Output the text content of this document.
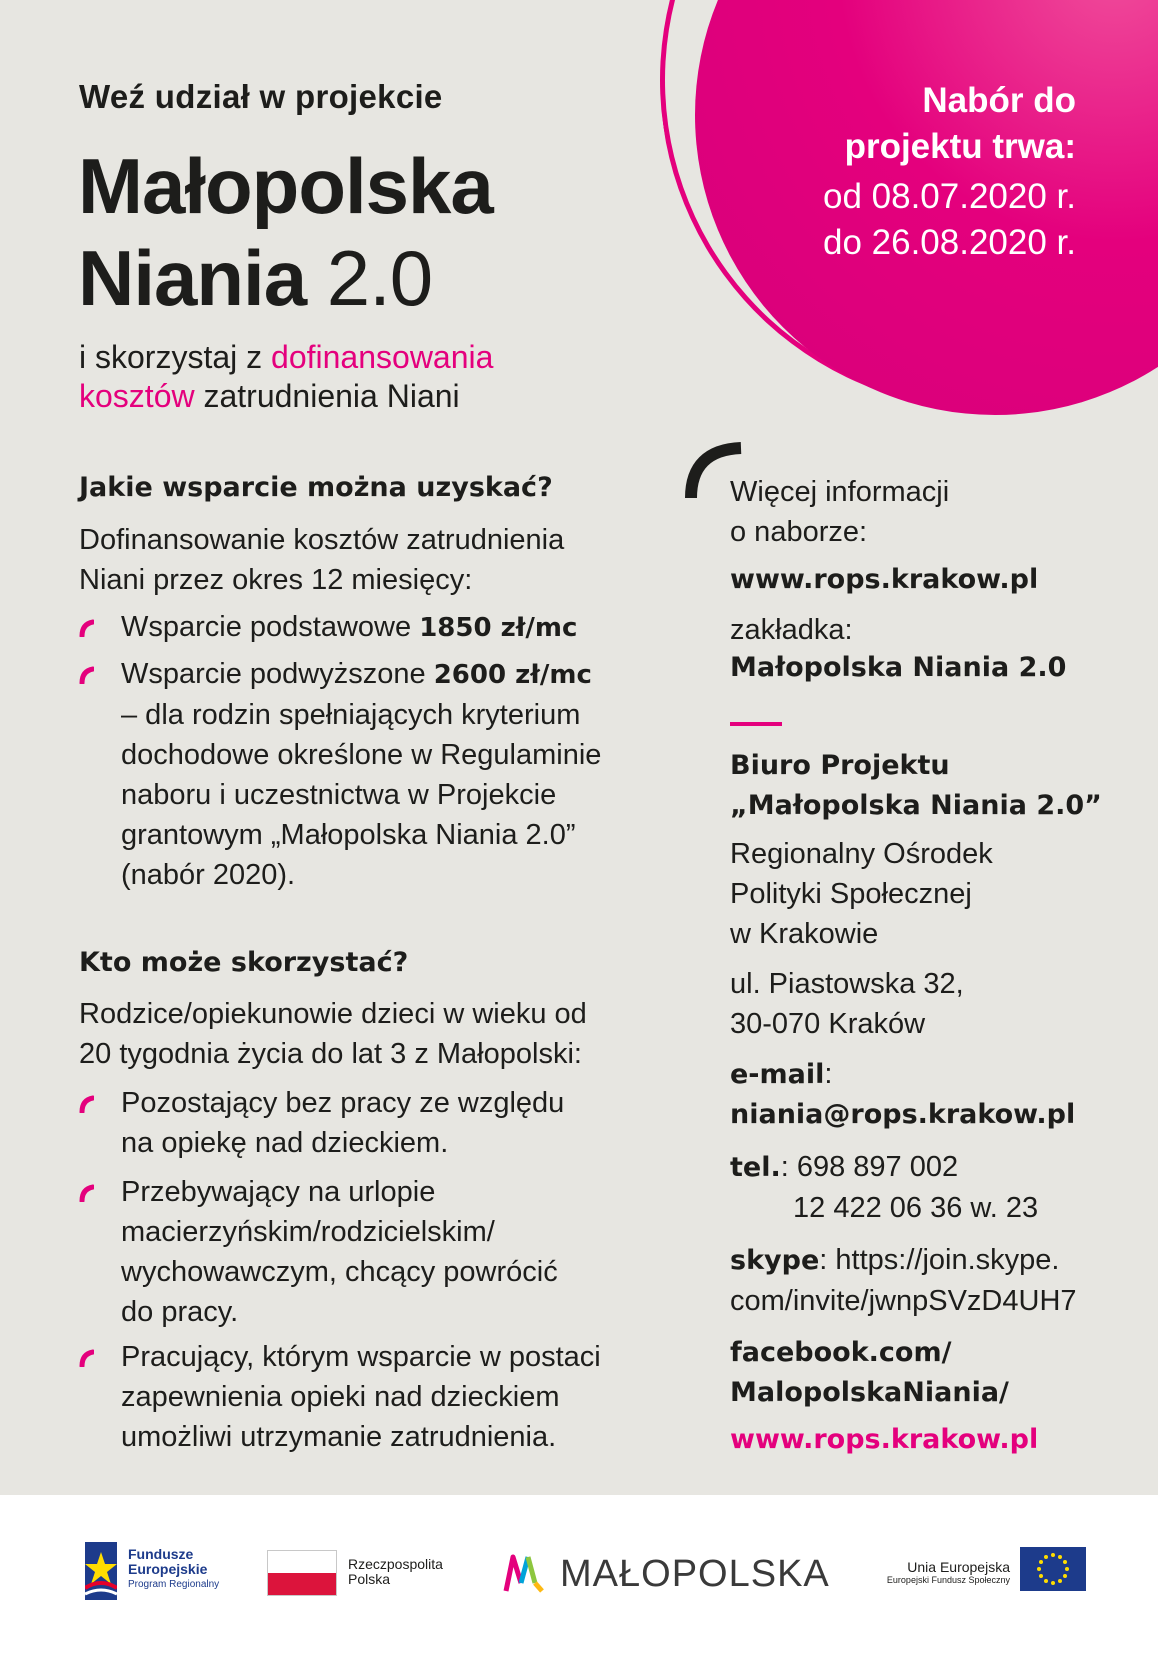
Weź udział w projekcie
Małopolska
Niania 2.0
i skorzystaj z dofinansowania
kosztów zatrudnienia Niani
Nabór do
projektu trwa:
od 08.07.2020 r.
do 26.08.2020 r.
Jakie wsparcie można uzyskać?
Dofinansowanie kosztów zatrudnienia
Niani przez okres 12 miesięcy:
Wsparcie podstawowe 1850 zł/mc
Wsparcie podwyższone 2600 zł/mc
– dla rodzin spełniających kryterium
dochodowe określone w Regulaminie
naboru i uczestnictwa w Projekcie
grantowym „Małopolska Niania 2.0”
(nabór 2020).
Kto może skorzystać?
Rodzice/opiekunowie dzieci w wieku od
20 tygodnia życia do lat 3 z Małopolski:
Pozostający bez pracy ze względu
na opiekę nad dzieckiem.
Przebywający na urlopie
macierzyńskim/rodzicielskim/
wychowawczym, chcący powrócić
do pracy.
Pracujący, którym wsparcie w postaci
zapewnienia opieki nad dzieckiem
umożliwi utrzymanie zatrudnienia.
Więcej informacji
o naborze:
www.rops.krakow.pl
zakładka:
Małopolska Niania 2.0
Biuro Projektu
„Małopolska Niania 2.0”
Regionalny Ośrodek
Polityki Społecznej
w Krakowie
ul. Piastowska 32,
30-070 Kraków
e-mail:
niania@rops.krakow.pl
tel.: 698 897 002
12 422 06 36 w. 23
skype: https://join.skype.
com/invite/jwnpSVzD4UH7
facebook.com/
MalopolskaNiania/
www.rops.krakow.pl
Fundusze
Europejskie
Program Regionalny
Rzeczpospolita
Polska	MAŁOPOLSKA	Unia Europejska
Europejski Fundusz Społeczny
